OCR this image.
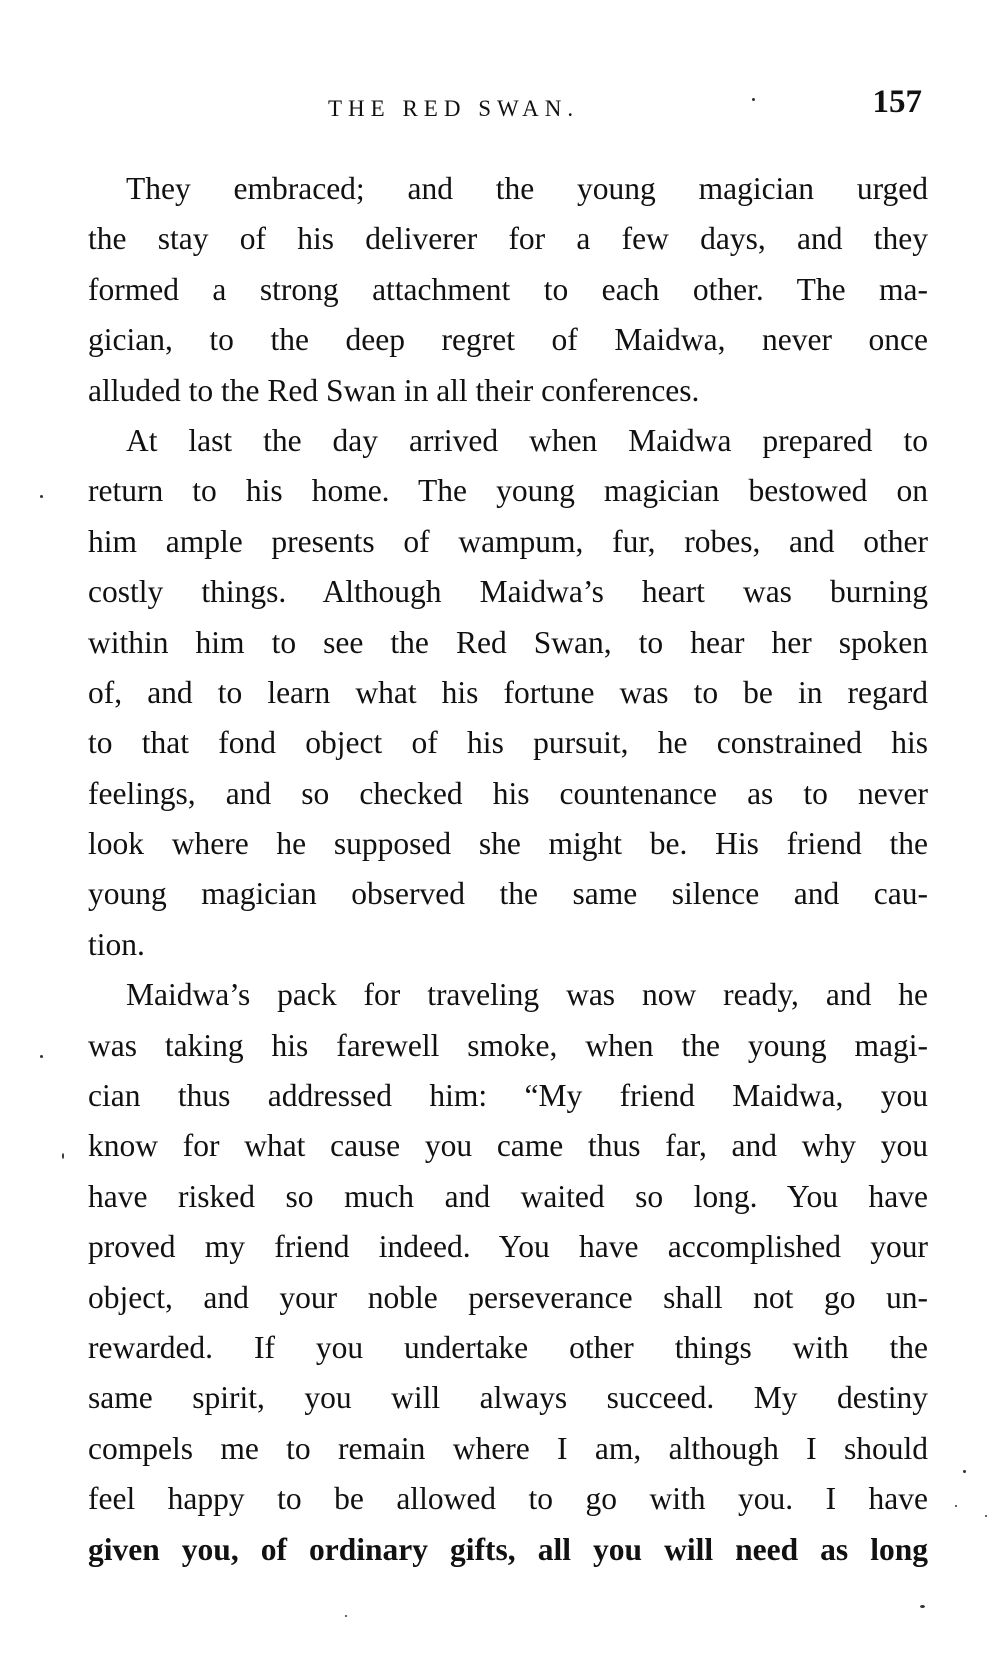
THE RED SWAN.	157
They embraced; and the young magician urged
the stay of his deliverer for a few days, and they
formed a strong attachment to each other. The ma-
gician, to the deep regret of Maidwa, never once
alluded to the Red Swan in all their conferences.
At last the day arrived when Maidwa prepared to
return to his home. The young magician bestowed on
him ample presents of wampum, fur, robes, and other
costly things. Although Maidwa’s heart was burning
within him to see the Red Swan, to hear her spoken
of, and to learn what his fortune was to be in regard
to that fond object of his pursuit, he constrained his
feelings, and so checked his countenance as to never
look where he supposed she might be. His friend the
young magician observed the same silence and cau-
tion.
Maidwa’s pack for traveling was now ready, and he
was taking his farewell smoke, when the young magi-
cian thus addressed him: “My friend Maidwa, you
know for what cause you came thus far, and why you
have risked so much and waited so long. You have
proved my friend indeed. You have accomplished your
object, and your noble perseverance shall not go un-
rewarded. If you undertake other things with the
same spirit, you will always succeed. My destiny
compels me to remain where I am, although I should
feel happy to be allowed to go with you. I have
given you, of ordinary gifts, all you will need as long
